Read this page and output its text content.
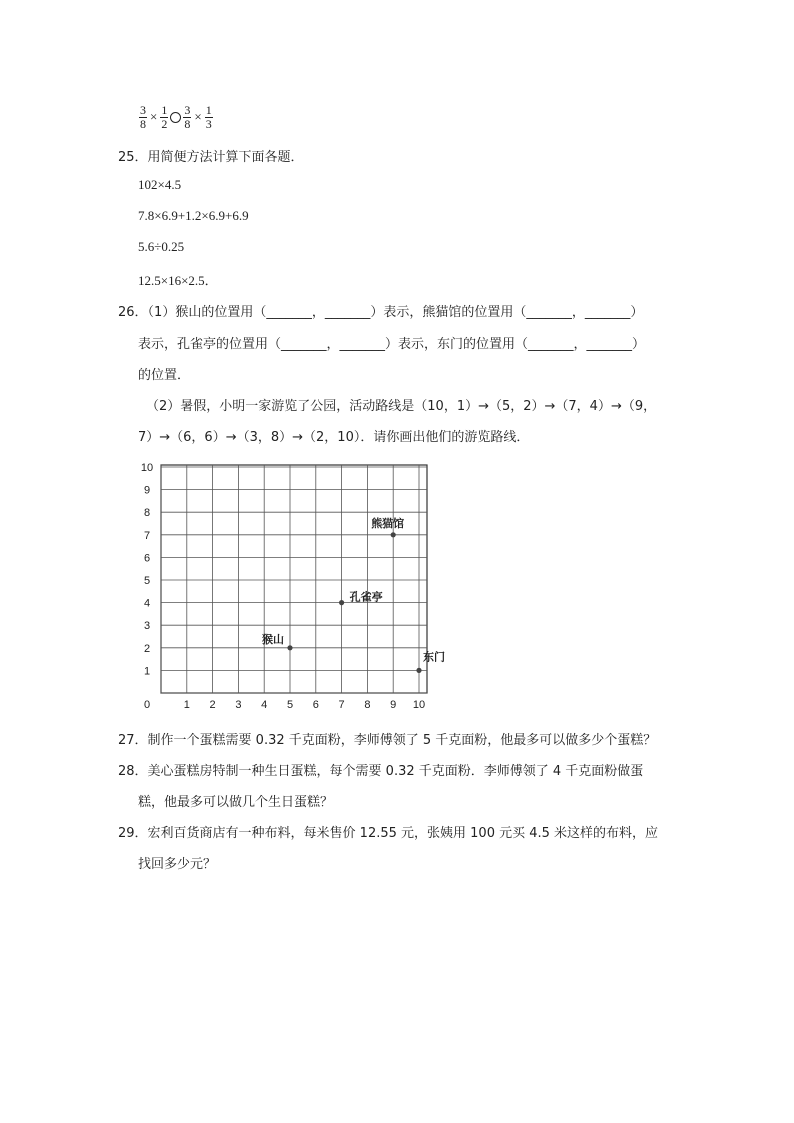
$\frac{3}{8} \times \frac{1}{2} \frac{3}{8} \times \frac{1}{3}$
25．用简便方法计算下面各题．
102×4.5
7.8×6.9+1.2×6.9+6.9
5.6÷0.25
12.5×16×2.5．
26．（1）猴山的位置用（_______，_______）表示，熊猫馆的位置用（_______，_______）
表示，孔雀亭的位置用（_______，_______）表示，东门的位置用（_______，_______）
的位置．
（2）暑假，小明一家游览了公园，活动路线是（10，1）→（5，2）→（7，4）→（9，
7）→（6，6）→（3，8）→（2，10）．请你画出他们的游览路线．
1 2 3 4 5 6 7 8 9 10
0
1
2
3
4
5
6
7
8
9
10
熊猫馆
孔雀亭
猴山
东门
27．制作一个蛋糕需要 0.32 千克面粉，李师傅领了 5 千克面粉，他最多可以做多少个蛋糕？
28．美心蛋糕房特制一种生日蛋糕，每个需要 0.32 千克面粉．李师傅领了 4 千克面粉做蛋
糕，他最多可以做几个生日蛋糕？
29．宏利百货商店有一种布料，每米售价 12.55 元，张姨用 100 元买 4.5 米这样的布料，应
找回多少元？
